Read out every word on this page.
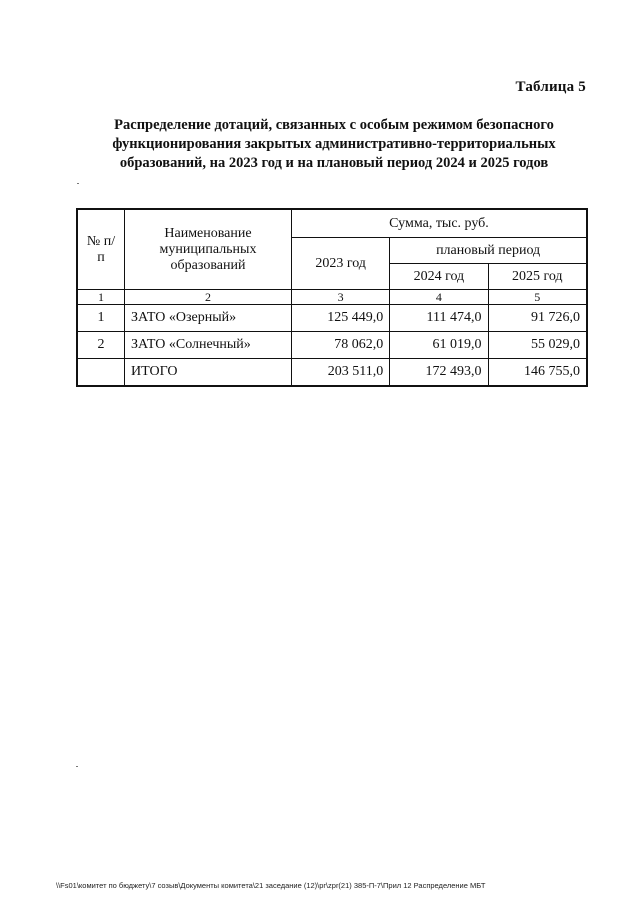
Таблица 5
Распределение дотаций, связанных с особым режимом безопасного функционирования закрытых административно-территориальных образований, на 2023 год и на плановый период 2024 и 2025 годов
№ п/п	Наименование муниципальных образований	Сумма, тыс. руб.		
		2023 год	плановый период	
			2024 год	2025 год
1	2	3	4	5
1	ЗАТО «Озерный»	125 449,0	111 474,0	91 726,0
2	ЗАТО «Солнечный»	78 062,0	61 019,0	55 029,0
	ИТОГО	203 511,0	172 493,0	146 755,0
\\Fs01\комитет по бюджету\7 созыв\Документы комитета\21 заседание (12)\pr\zpr(21) 385-П-7\Прил 12 Распределение МБТ
